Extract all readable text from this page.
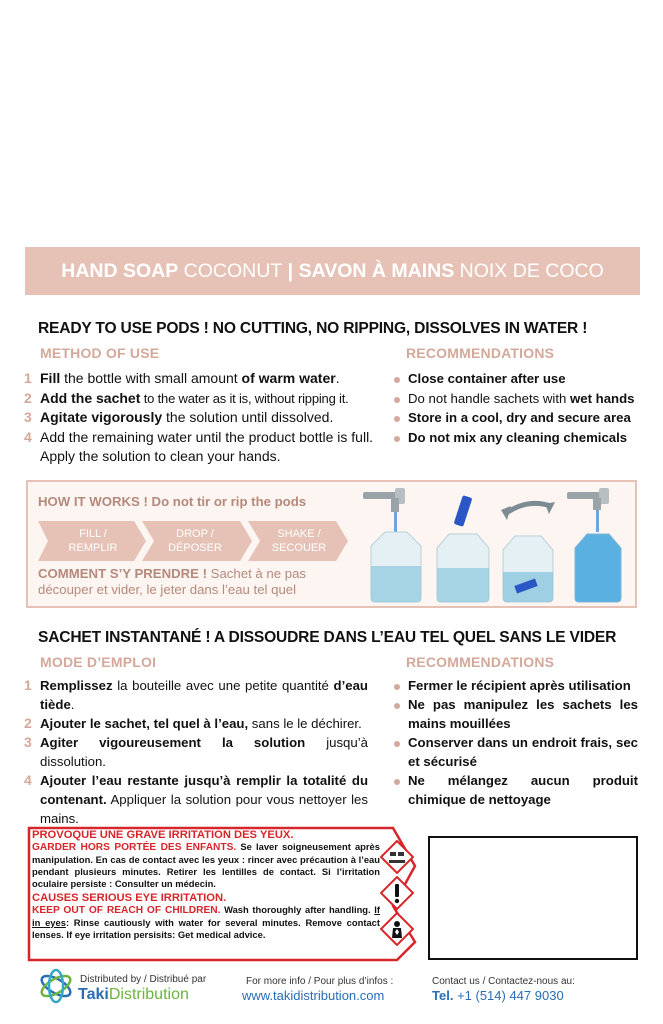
HAND SOAP
COCONUT
|
SAVON À MAINS
NOIX DE COCO
READY TO USE PODS ! NO CUTTING, NO RIPPING, DISSOLVES IN WATER !
METHOD OF USE	RECOMMENDATIONS
1 Fill the bottle with small amount of warm water.
2 Add the sachet to the water as it is, without ripping it.
3 Agitate vigorously the solution until dissolved.
4 Add the remaining water until the product bottle is full. Apply the solution to clean your hands.
Close container after use
Do not handle sachets with wet hands
Store in a cool, dry and secure area
Do not mix any cleaning chemicals
HOW IT WORKS ! Do not tir or rip the pods
FILL /
REMPLIR
DROP /
DÉPOSER
SHAKE /
SECOUER
COMMENT S’Y PRENDRE ! Sachet à ne pas découper et vider, le jeter dans l’eau tel quel
SACHET INSTANTANÉ ! A DISSOUDRE DANS L’EAU TEL QUEL SANS LE VIDER
MODE D’EMPLOI	RECOMMENDATIONS
1 Remplissez la bouteille avec une petite quantité d’eau tiède.
2 Ajouter le sachet, tel quel à l’eau, sans le le déchirer.
3 Agiter vigoureusement la solution jusqu’à dissolution.
4 Ajouter l’eau restante jusqu’à remplir la totalité du contenant. Appliquer la solution pour vous nettoyer les mains.
Fermer le récipient après utilisation
Ne pas manipulez les sachets les mains mouillées
Conserver dans un endroit frais, sec et sécurisé
Ne mélangez aucun produit chimique de nettoyage
PROVOQUE UNE GRAVE IRRITATION DES YEUX.
GARDER HORS PORTÉE DES ENFANTS. Se laver soigneusement après manipulation. En cas de contact avec les yeux : rincer avec précaution à l’eau pendant plusieurs minutes. Retirer les lentilles de contact. Si l’irritation oculaire persiste : Consulter un médecin.
CAUSES SERIOUS EYE IRRITATION.
KEEP OUT OF REACH OF CHILDREN. Wash thoroughly after handling. If in eyes: Rinse cautiously with water for several minutes. Remove contact lenses. If eye irritation persisits: Get medical advice.
Distributed by / Distribué par
TakiDistribution
For more info / Pour plus d’infos :
www.takidistribution.com
Contact us / Contactez-nous au:
Tel. +1 (514) 447 9030
